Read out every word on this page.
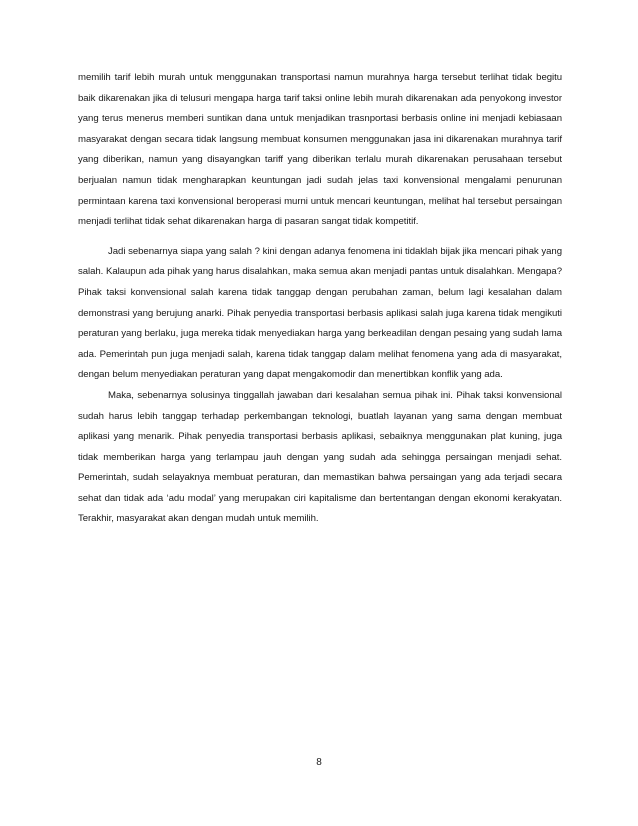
memilih tarif lebih murah untuk menggunakan transportasi namun murahnya harga tersebut terlihat tidak begitu baik dikarenakan jika di telusuri mengapa harga tarif taksi online lebih murah dikarenakan ada penyokong investor yang terus menerus memberi suntikan dana untuk menjadikan trasnportasi berbasis online ini menjadi kebiasaan masyarakat dengan secara tidak langsung membuat konsumen menggunakan jasa ini dikarenakan murahnya tarif yang diberikan, namun yang disayangkan tariff yang diberikan terlalu murah dikarenakan perusahaan tersebut berjualan namun tidak mengharapkan keuntungan jadi sudah jelas taxi konvensional mengalami penurunan permintaan karena taxi konvensional beroperasi murni untuk mencari keuntungan, melihat hal tersebut persaingan menjadi terlihat tidak sehat dikarenakan harga di pasaran sangat tidak kompetitif.

Jadi sebenarnya siapa yang salah ? kini dengan adanya fenomena ini tidaklah bijak jika mencari pihak yang salah. Kalaupun ada pihak yang harus disalahkan, maka semua akan menjadi pantas untuk disalahkan. Mengapa? Pihak taksi konvensional salah karena tidak tanggap dengan perubahan zaman, belum lagi kesalahan dalam demonstrasi yang berujung anarki. Pihak penyedia transportasi berbasis aplikasi salah juga karena tidak mengikuti peraturan yang berlaku, juga mereka tidak menyediakan harga yang berkeadilan dengan pesaing yang sudah lama ada. Pemerintah pun juga menjadi salah, karena tidak tanggap dalam melihat fenomena yang ada di masyarakat, dengan belum menyediakan peraturan yang dapat mengakomodir dan menertibkan konflik yang ada.

Maka, sebenarnya solusinya tinggallah jawaban dari kesalahan semua pihak ini. Pihak taksi konvensional sudah harus lebih tanggap terhadap perkembangan teknologi, buatlah layanan yang sama dengan membuat aplikasi yang menarik. Pihak penyedia transportasi berbasis aplikasi, sebaiknya menggunakan plat kuning, juga tidak memberikan harga yang terlampau jauh dengan yang sudah ada sehingga persaingan menjadi sehat. Pemerintah, sudah selayaknya membuat peraturan, dan memastikan bahwa persaingan yang ada terjadi secara sehat dan tidak ada ‘adu modal’ yang merupakan ciri kapitalisme dan bertentangan dengan ekonomi kerakyatan. Terakhir, masyarakat akan dengan mudah untuk memilih.

8
